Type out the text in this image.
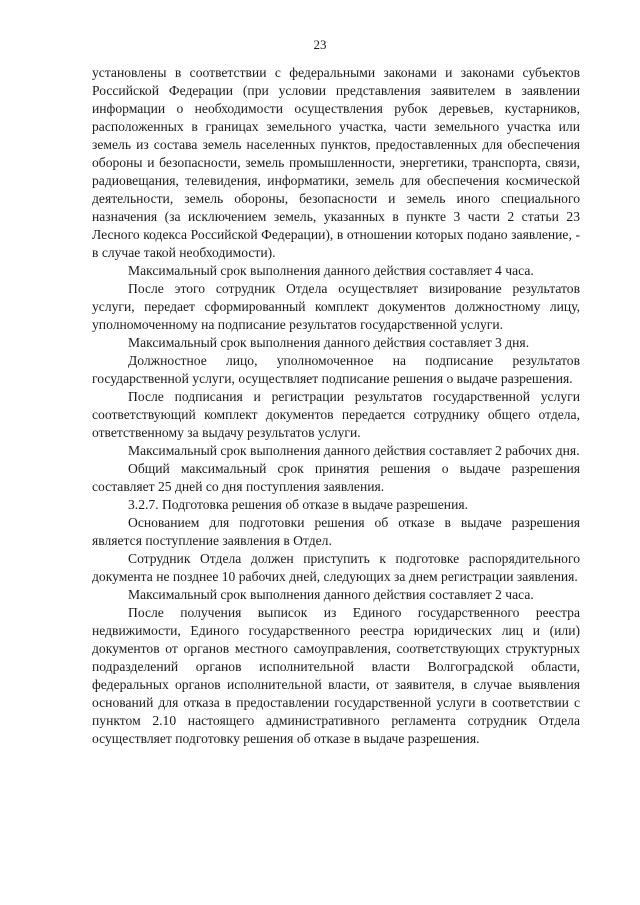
23

установлены в соответствии с федеральными законами и законами субъектов Российской Федерации (при условии представления заявителем в заявлении информации о необходимости осуществления рубок деревьев, кустарников, расположенных в границах земельного участка, части земельного участка или земель из состава земель населенных пунктов, предоставленных для обеспечения обороны и безопасности, земель промышленности, энергетики, транспорта, связи, радиовещания, телевидения, информатики, земель для обеспечения космической деятельности, земель обороны, безопасности и земель иного специального назначения (за исключением земель, указанных в пункте 3 части 2 статьи 23 Лесного кодекса Российской Федерации), в отношении которых подано заявление, - в случае такой необходимости).

Максимальный срок выполнения данного действия составляет 4 часа.

После этого сотрудник Отдела осуществляет визирование результатов услуги, передает сформированный комплект документов должностному лицу, уполномоченному на подписание результатов государственной услуги.

Максимальный срок выполнения данного действия составляет 3 дня.

Должностное лицо, уполномоченное на подписание результатов государственной услуги, осуществляет подписание решения о выдаче разрешения.

После подписания и регистрации результатов государственной услуги соответствующий комплект документов передается сотруднику общего отдела, ответственному за выдачу результатов услуги.

Максимальный срок выполнения данного действия составляет 2 рабочих дня.

Общий максимальный срок принятия решения о выдаче разрешения составляет 25 дней со дня поступления заявления.

3.2.7. Подготовка решения об отказе в выдаче разрешения.

Основанием для подготовки решения об отказе в выдаче разрешения является поступление заявления в Отдел.

Сотрудник Отдела должен приступить к подготовке распорядительного документа не позднее 10 рабочих дней, следующих за днем регистрации заявления.

Максимальный срок выполнения данного действия составляет 2 часа.

После получения выписок из Единого государственного реестра недвижимости, Единого государственного реестра юридических лиц и (или) документов от органов местного самоуправления, соответствующих структурных подразделений органов исполнительной власти Волгоградской области, федеральных органов исполнительной власти, от заявителя, в случае выявления оснований для отказа в предоставлении государственной услуги в соответствии с пунктом 2.10 настоящего административного регламента сотрудник Отдела осуществляет подготовку решения об отказе в выдаче разрешения.
